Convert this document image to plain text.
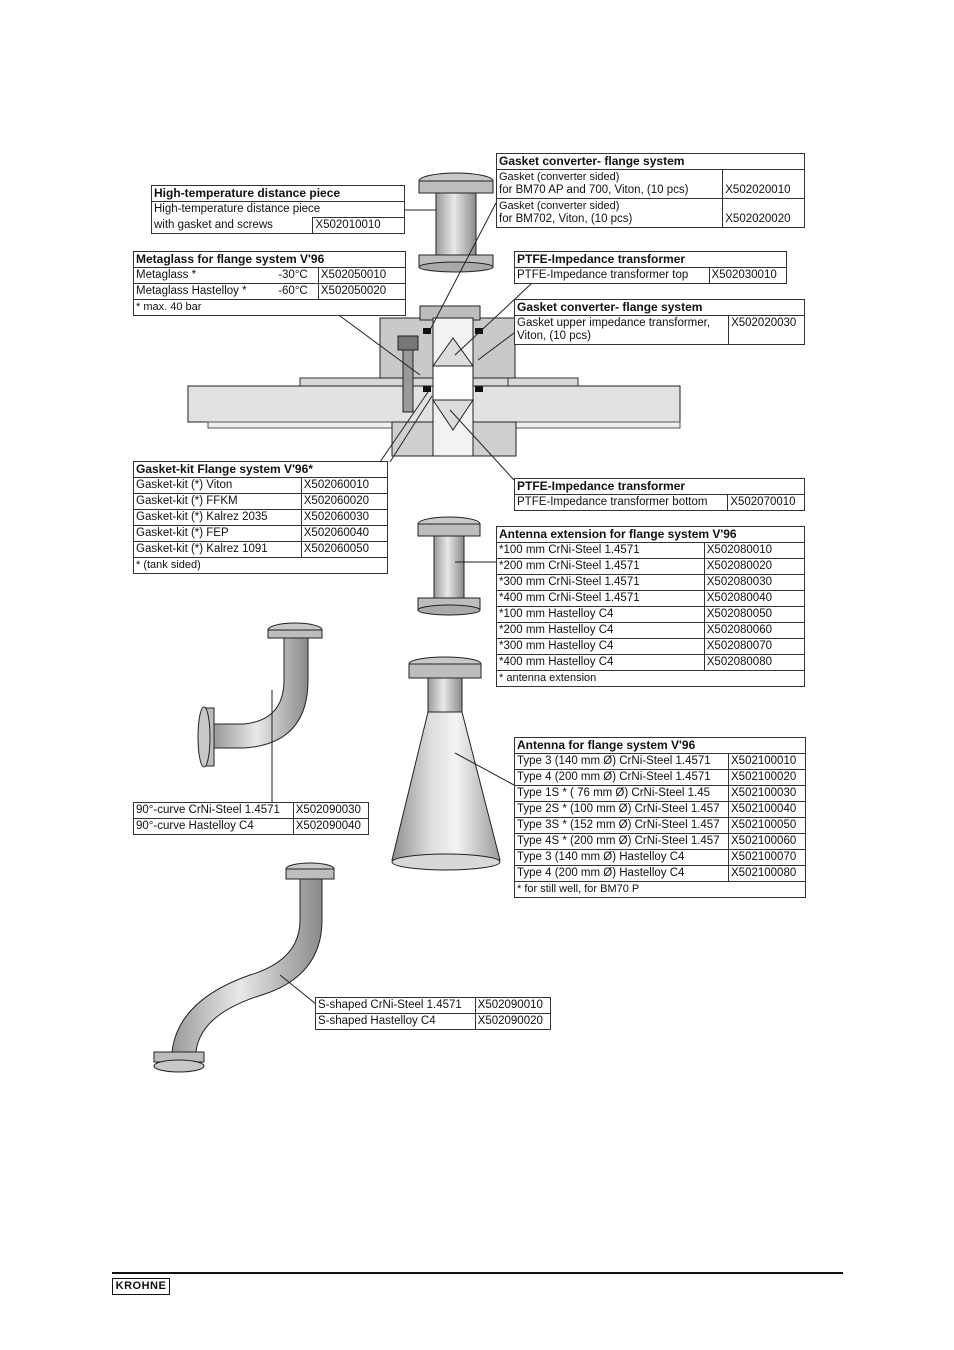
High-temperature distance piece
High-temperature distance piece
with gasket and screws	X502010010
Gasket converter- flange system	

Gasket (converter sided)
for BM70 AP and 700, Viton, (10 pcs)	X502020010

Gasket (converter sided)
for BM702, Viton, (10 pcs)	X502020020
Metaglass for flange system V'96		
Metaglass *	-30°C	X502050010
Metaglass Hastelloy *	-60°C	X502050020
* max. 40 bar		
PTFE-Impedance transformer
PTFE-Impedance transformer top	X502030010
Gasket converter- flange system

Gasket upper impedance transformer,
Viton, (10 pcs)
	X502020030
Gasket-kit Flange system V'96*	
Gasket-kit (*) Viton	X502060010
Gasket-kit (*) FFKM	X502060020
Gasket-kit (*) Kalrez 2035	X502060030
Gasket-kit (*) FEP	X502060040
Gasket-kit (*) Kalrez 1091	X502060050
* (tank sided)	
PTFE-Impedance transformer
PTFE-Impedance transformer bottom	X502070010
Antenna extension for flange system V'96	
*100 mm CrNi-Steel 1.4571	X502080010
*200 mm CrNi-Steel 1.4571	X502080020
*300 mm CrNi-Steel 1.4571	X502080030
*400 mm CrNi-Steel 1.4571	X502080040
*100 mm Hastelloy C4	X502080050
*200 mm Hastelloy C4	X502080060
*300 mm Hastelloy C4	X502080070
*400 mm Hastelloy C4	X502080080
* antenna extension	
90°-curve CrNi-Steel 1.4571	X502090030
90°-curve Hastelloy C4	X502090040
Antenna for flange system V'96	
Type 3 (140 mm Ø) CrNi-Steel 1.4571	X502100010
Type 4 (200 mm Ø) CrNi-Steel 1.4571	X502100020
Type 1S * ( 76 mm Ø) CrNi-Steel 1.45	X502100030
Type 2S * (100 mm Ø) CrNi-Steel 1.457	X502100040
Type 3S * (152 mm Ø) CrNi-Steel 1.457	X502100050
Type 4S * (200 mm Ø) CrNi-Steel 1.457	X502100060
Type 3 (140 mm Ø) Hastelloy C4	X502100070
Type 4 (200 mm Ø) Hastelloy C4	X502100080
* for still well, for BM70 P	
S-shaped CrNi-Steel 1.4571	X502090010
S-shaped Hastelloy C4	X502090020
KROHNE
